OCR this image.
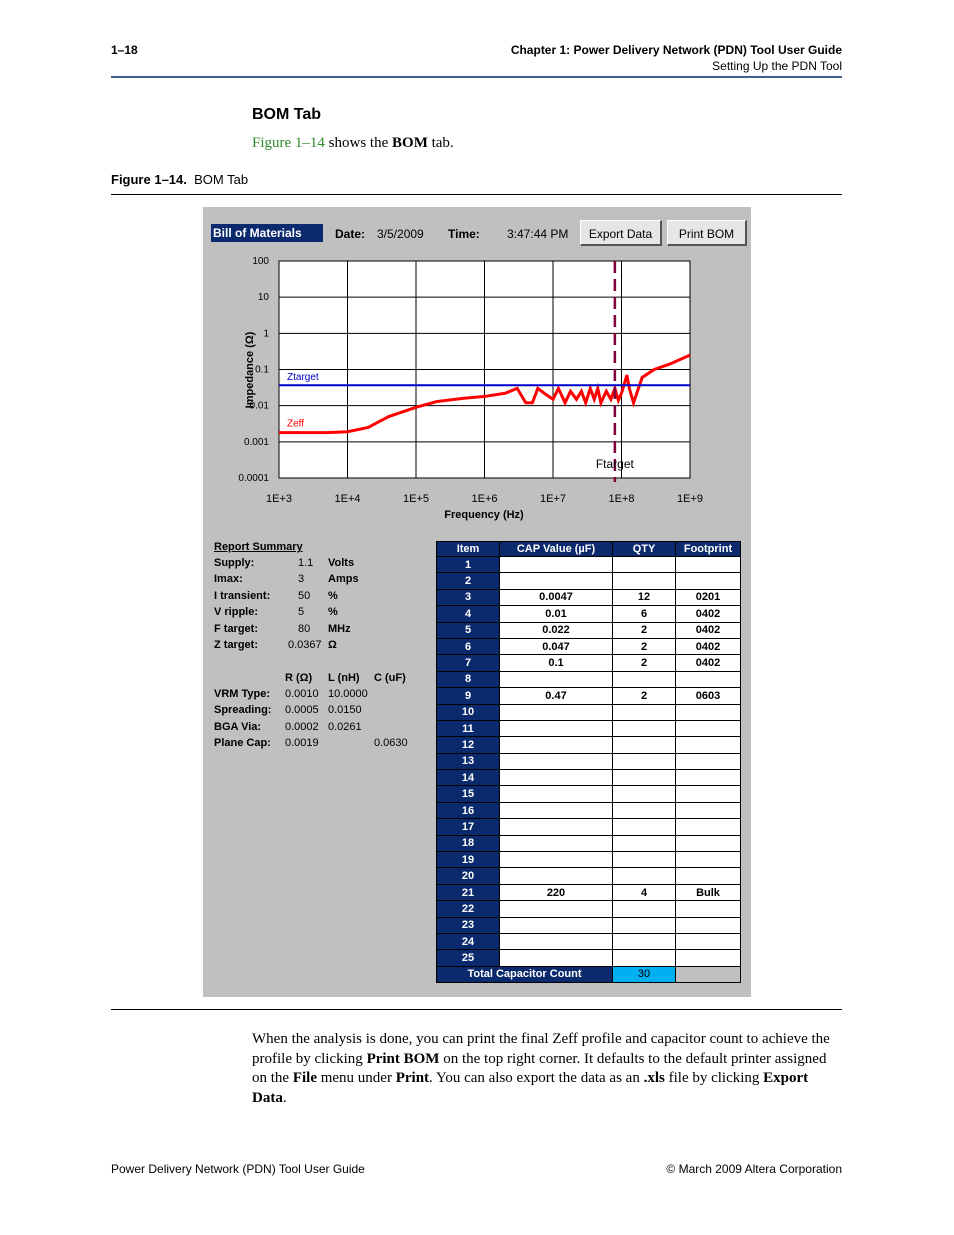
1–18	Chapter 1: Power Delivery Network (PDN) Tool User Guide
Setting Up the PDN Tool
BOM Tab
Figure 1–14 shows the BOM tab.
Figure 1–14. BOM Tab
Bill of Materials	Date: 3/5/2009 Time: 3:47:44 PM	Export Data	Print BOM
100
10
1
0.1
0.01
0.001
0.0001
1E+3	1E+4	1E+5	1E+6	1E+7	1E+8	1E+9
Zeff
Ztarget
Ftarget
Frequency (Hz)
Impedance (Ω)
Report Summary
Supply:	1.1 Volts
Imax:	3 Amps
I transient:	50 %
V ripple:	5 %
F target:	80 MHz
Z target:	0.0367 Ω
R (Ω) L (nH) C (uF)
VRM Type: 0.0010 10.0000
Spreading: 0.0005 0.0150
BGA Via: 0.0002 0.0261
Plane Cap: 0.0019	0.0630
Item	CAP Value (µF)	QTY	Footprint
1			
2			
3	0.0047	12	0201
4	0.01	6	0402
5	0.022	2	0402
6	0.047	2	0402
7	0.1	2	0402
8			
9	0.47	2	0603
10			
11			
12			
13			
14			
15			
16			
17			
18			
19			
20			
21	220	4	Bulk
22			
23			
24			
25			
Total Capacitor Count		30	
When the analysis is done, you can print the final Zeff profile and capacitor count to achieve the profile by clicking Print BOM on the top right corner. It defaults to the default printer assigned on the File menu under Print. You can also export the data as an .xls file by clicking Export Data.
Power Delivery Network (PDN) Tool User Guide	© March 2009 Altera Corporation
